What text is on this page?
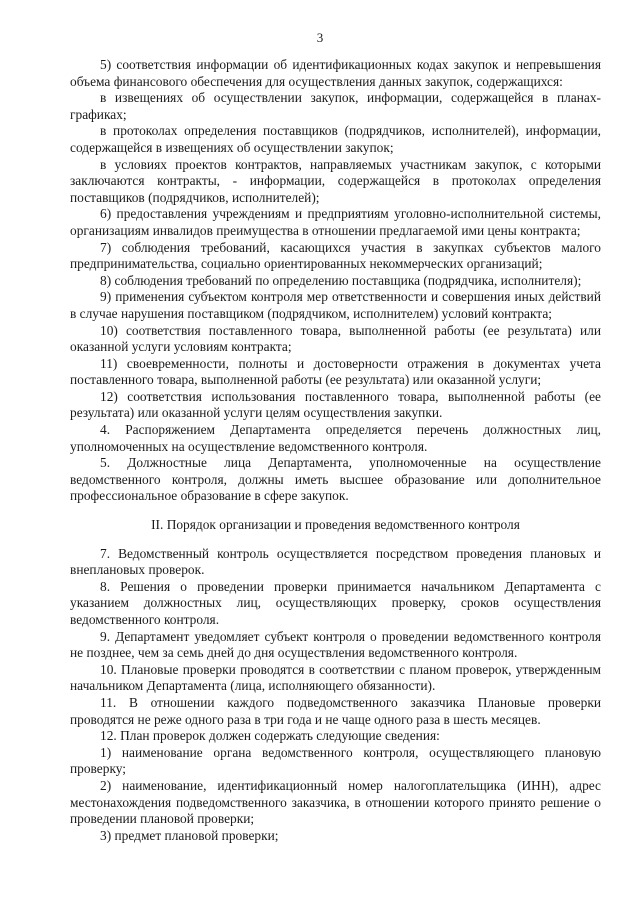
3

5) соответствия информации об идентификационных кодах закупок и непревышения объема финансового обеспечения для осуществления данных закупок, содержащихся:

в извещениях об осуществлении закупок, информации, содержащейся в планах-графиках;

в протоколах определения поставщиков (подрядчиков, исполнителей), информации, содержащейся в извещениях об осуществлении закупок;

в условиях проектов контрактов, направляемых участникам закупок, с которыми заключаются контракты, - информации, содержащейся в протоколах определения поставщиков (подрядчиков, исполнителей);

6) предоставления учреждениям и предприятиям уголовно-исполнительной системы, организациям инвалидов преимущества в отношении предлагаемой ими цены контракта;

7) соблюдения требований, касающихся участия в закупках субъектов малого предпринимательства, социально ориентированных некоммерческих организаций;

8) соблюдения требований по определению поставщика (подрядчика, исполнителя);

9) применения субъектом контроля мер ответственности и совершения иных действий в случае нарушения поставщиком (подрядчиком, исполнителем) условий контракта;

10) соответствия поставленного товара, выполненной работы (ее результата) или оказанной услуги условиям контракта;

11) своевременности, полноты и достоверности отражения в документах учета поставленного товара, выполненной работы (ее результата) или оказанной услуги;

12) соответствия использования поставленного товара, выполненной работы (ее результата) или оказанной услуги целям осуществления закупки.

4. Распоряжением Департамента определяется перечень должностных лиц, уполномоченных на осуществление ведомственного контроля.

5. Должностные лица Департамента, уполномоченные на осуществление ведомственного контроля, должны иметь высшее образование или дополнительное профессиональное образование в сфере закупок.

II. Порядок организации и проведения ведомственного контроля

7. Ведомственный контроль осуществляется посредством проведения плановых и внеплановых проверок.

8. Решения о проведении проверки принимается начальником Департамента с указанием должностных лиц, осуществляющих проверку, сроков осуществления ведомственного контроля.

9. Департамент уведомляет субъект контроля о проведении ведомственного контроля не позднее, чем за семь дней до дня осуществления ведомственного контроля.

10. Плановые проверки проводятся в соответствии с планом проверок, утвержденным начальником Департамента (лица, исполняющего обязанности).

11. В отношении каждого подведомственного заказчика Плановые проверки проводятся не реже одного раза в три года и не чаще одного раза в шесть месяцев.

12. План проверок должен содержать следующие сведения:

1) наименование органа ведомственного контроля, осуществляющего плановую проверку;

2) наименование, идентификационный номер налогоплательщика (ИНН), адрес местонахождения подведомственного заказчика, в отношении которого принято решение о проведении плановой проверки;

3) предмет плановой проверки;
